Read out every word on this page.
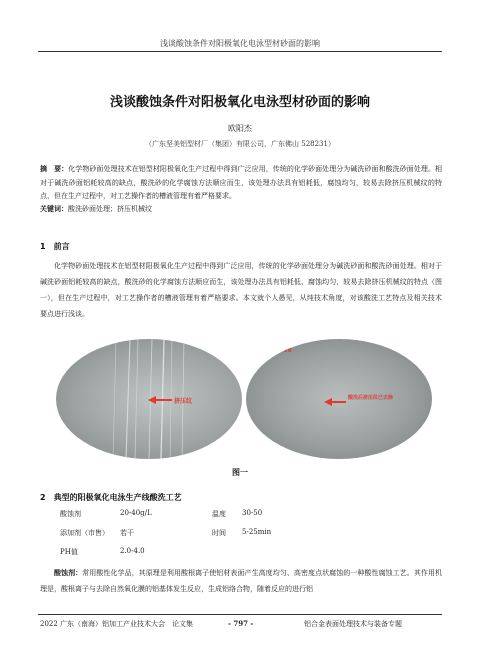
浅谈酸蚀条件对阳极氧化电泳型材砂面的影响
浅谈酸蚀条件对阳极氧化电泳型材砂面的影响
欧阳杰
（广东坚美铝型材厂（集团）有限公司，广东佛山 528231）
摘　要：化学物砂面处理技术在铝型材阳极氧化生产过程中得到广泛应用，传统的化学砂面处理分为碱洗砂面和酸洗砂面处理。相对于碱洗砂面铝耗较高的缺点，酸洗砂的化学腐蚀方法顺应而生，该处理办法具有铝耗低，腐蚀均匀，较易去除挤压机械纹的特点，但在生产过程中，对工艺操作者的槽液管理有着严格要求。
关键词：酸洗砂面处理；挤压机械纹
1　前言
化学物砂面处理技术在铝型材阳极氧化生产过程中得到广泛应用，传统的化学砂面处理分为碱洗砂面和酸洗砂面处理。相对于碱洗砂面铝耗较高的缺点，酸洗砂的化学腐蚀方法顺应而生，该处理办法具有铝耗低、腐蚀均匀，较易去除挤压机械纹的特点（图一），但在生产过程中，对工艺操作者的槽液管理有着严格要求。本文就个人愚见，从纯技术角度，对该酸洗工艺特点及相关技术要点进行浅谈。
坯料
挤压纹
NP251000
酸洗后挤压纹已去除
图一
2　典型的阳极氧化电泳生产线酸洗工艺
酸蚀剂	20-40g/L	温度 30-50
添加剂（市售） 若干	时间 5-25min
PH值	2.0-4.0
酸蚀剂：常用酸性化学品，其原理是利用酸根离子使铝材表面产生高度均匀、高密度点状腐蚀的一种酸性腐蚀工艺。其作用机理是，酸根离子与去除自然氧化膜的铝基体发生反应，生成铝络合物，随着反应的进行铝
2022 广东（南海）铝加工产业技术大会　论文集	- 797 -	铝合金表面处理技术与装备专题
